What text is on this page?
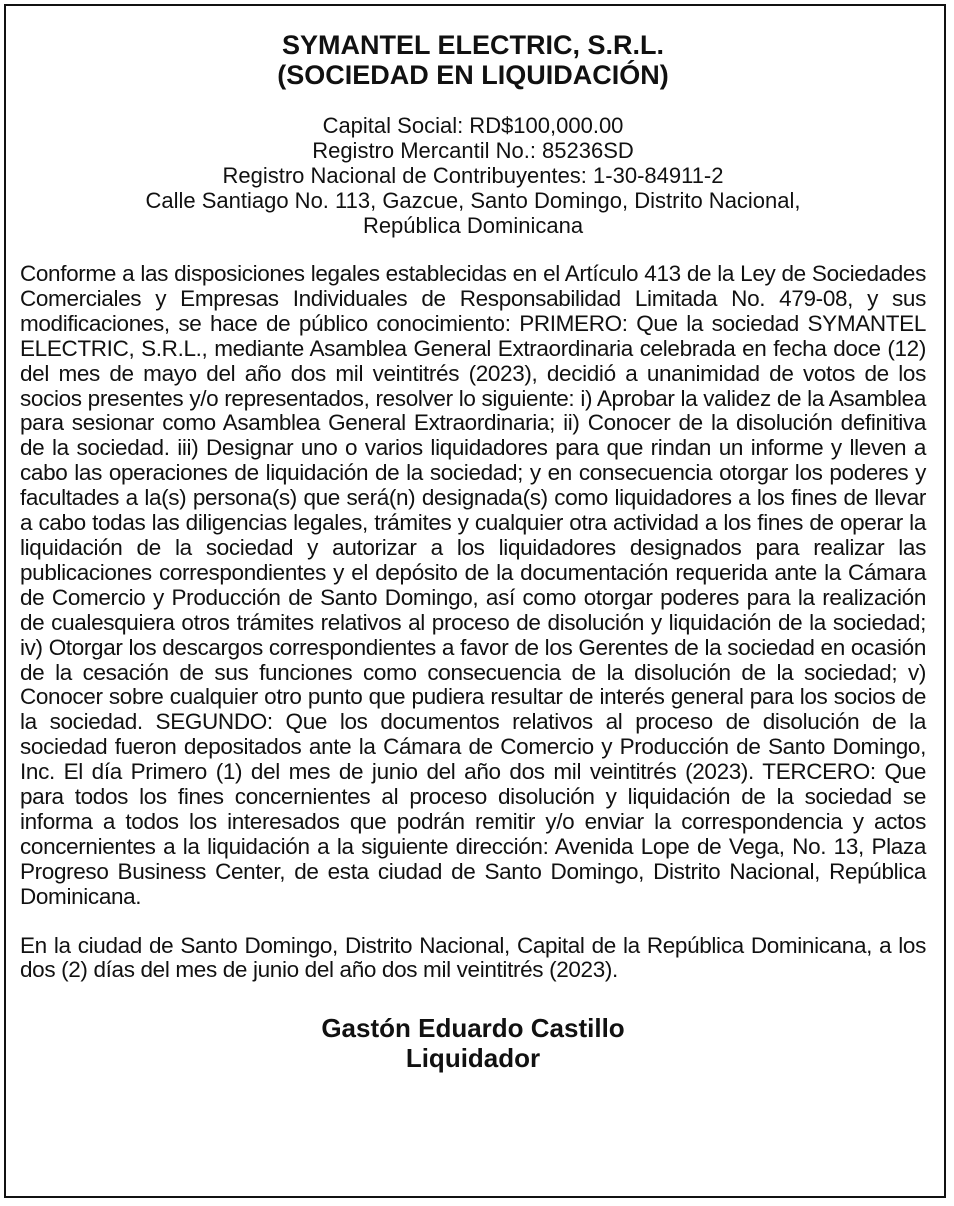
SYMANTEL ELECTRIC, S.R.L.
(SOCIEDAD EN LIQUIDACIÓN)
Capital Social: RD$100,000.00
Registro Mercantil No.: 85236SD
Registro Nacional de Contribuyentes: 1-30-84911-2
Calle Santiago No. 113, Gazcue, Santo Domingo, Distrito Nacional,
República Dominicana

Conforme a las disposiciones legales establecidas en el Artículo 413 de la Ley de Sociedades Comerciales y Empresas Individuales de Responsabilidad Limitada No. 479-08, y sus modificaciones, se hace de público conocimiento: PRIMERO: Que la sociedad SYMANTEL ELECTRIC, S.R.L., mediante Asamblea General Extraordinaria celebrada en fecha doce (12) del mes de mayo del año dos mil veintitrés (2023), decidió a unanimidad de votos de los socios presentes y/o representados, resolver lo siguiente: i) Aprobar la validez de la Asamblea para sesionar como Asamblea General Extraordinaria; ii) Conocer de la disolución definitiva de la sociedad. iii) Designar uno o varios liquidadores para que rindan un informe y lleven a cabo las operaciones de liquidación de la sociedad; y en consecuencia otorgar los poderes y facultades a la(s) persona(s) que será(n) designada(s) como liquidadores a los fines de llevar a cabo todas las diligencias legales, trámites y cualquier otra actividad a los fines de operar la liquidación de la sociedad y autorizar a los liquidadores designados para realizar las publicaciones correspondientes y el depósito de la documentación requerida ante la Cámara de Comercio y Producción de Santo Domingo, así como otorgar poderes para la realización de cualesquiera otros trámites relativos al proceso de disolución y liquidación de la sociedad; iv) Otorgar los descargos correspondientes a favor de los Gerentes de la sociedad en ocasión de la cesación de sus funciones como consecuencia de la disolución de la sociedad; v) Conocer sobre cualquier otro punto que pudiera resultar de interés general para los socios de la sociedad. SEGUNDO: Que los documentos relativos al proceso de disolución de la sociedad fueron depositados ante la Cámara de Comercio y Producción de Santo Domingo, Inc. El día Primero (1) del mes de junio del año dos mil veintitrés (2023). TERCERO: Que para todos los fines concernientes al proceso disolución y liquidación de la sociedad se informa a todos los interesados que podrán remitir y/o enviar la correspondencia y actos concernientes a la liquidación a la siguiente dirección: Avenida Lope de Vega, No. 13, Plaza Progreso Business Center, de esta ciudad de Santo Domingo, Distrito Nacional, República Dominicana.

En la ciudad de Santo Domingo, Distrito Nacional, Capital de la República Dominicana, a los dos (2) días del mes de junio del año dos mil veintitrés (2023).

Gastón Eduardo Castillo
Liquidador
